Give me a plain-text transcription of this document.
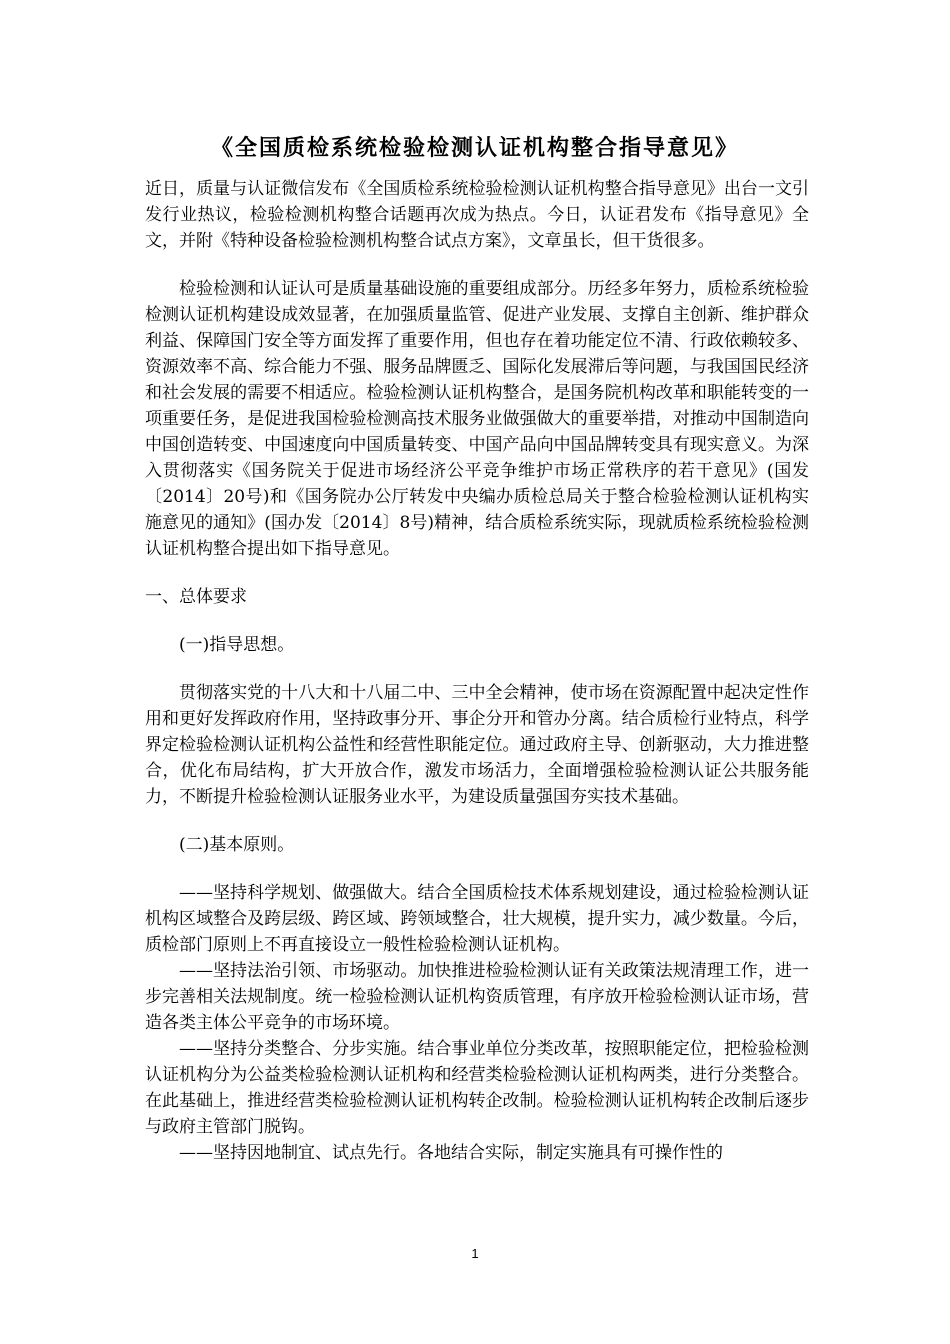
《全国质检系统检验检测认证机构整合指导意见》

近日，质量与认证微信发布《全国质检系统检验检测认证机构整合指导意见》出台一文引发行业热议，检验检测机构整合话题再次成为热点。今日，认证君发布《指导意见》全文，并附《特种设备检验检测机构整合试点方案》，文章虽长，但干货很多。

检验检测和认证认可是质量基础设施的重要组成部分。历经多年努力，质检系统检验检测认证机构建设成效显著，在加强质量监管、促进产业发展、支撑自主创新、维护群众利益、保障国门安全等方面发挥了重要作用，但也存在着功能定位不清、行政依赖较多、资源效率不高、综合能力不强、服务品牌匮乏、国际化发展滞后等问题，与我国国民经济和社会发展的需要不相适应。检验检测认证机构整合，是国务院机构改革和职能转变的一项重要任务，是促进我国检验检测高技术服务业做强做大的重要举措，对推动中国制造向中国创造转变、中国速度向中国质量转变、中国产品向中国品牌转变具有现实意义。为深入贯彻落实《国务院关于促进市场经济公平竞争维护市场正常秩序的若干意见》(国发〔2014〕20号)和《国务院办公厅转发中央编办质检总局关于整合检验检测认证机构实施意见的通知》(国办发〔2014〕8号)精神，结合质检系统实际，现就质检系统检验检测认证机构整合提出如下指导意见。

一、总体要求

(一)指导思想。

贯彻落实党的十八大和十八届二中、三中全会精神，使市场在资源配置中起决定性作用和更好发挥政府作用，坚持政事分开、事企分开和管办分离。结合质检行业特点，科学界定检验检测认证机构公益性和经营性职能定位。通过政府主导、创新驱动，大力推进整合，优化布局结构，扩大开放合作，激发市场活力，全面增强检验检测认证公共服务能力，不断提升检验检测认证服务业水平，为建设质量强国夯实技术基础。

(二)基本原则。

——坚持科学规划、做强做大。结合全国质检技术体系规划建设，通过检验检测认证机构区域整合及跨层级、跨区域、跨领域整合，壮大规模，提升实力，减少数量。今后，质检部门原则上不再直接设立一般性检验检测认证机构。

——坚持法治引领、市场驱动。加快推进检验检测认证有关政策法规清理工作，进一步完善相关法规制度。统一检验检测认证机构资质管理，有序放开检验检测认证市场，营造各类主体公平竞争的市场环境。

——坚持分类整合、分步实施。结合事业单位分类改革，按照职能定位，把检验检测认证机构分为公益类检验检测认证机构和经营类检验检测认证机构两类，进行分类整合。在此基础上，推进经营类检验检测认证机构转企改制。检验检测认证机构转企改制后逐步与政府主管部门脱钩。

——坚持因地制宜、试点先行。各地结合实际，制定实施具有可操作性的

1
